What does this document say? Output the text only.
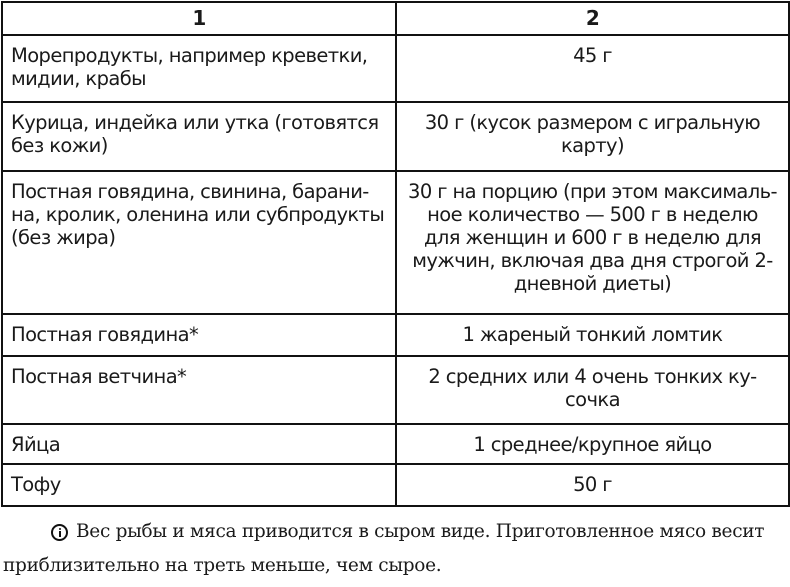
1	2
Морепродукты, например креветки, мидии, крабы	45 г
Курица, индейка или утка (готовятся без кожи)	30 г (кусок размером с игральную карту)
Постная говядина, свинина, барани-на, кролик, оленина или субпродукты (без жира)	30 г на порцию (при этом максималь-ное количество — 500 г в неделю для женщин и 600 г в неделю для мужчин, включая два дня строгой 2-дневной диеты)
Постная говядина*	1 жареный тонкий ломтик
Постная ветчина*	2 средних или 4 очень тонких ку-сочка
Яйца	1 среднее/крупное яйцо
Тофу	50 г
Вес рыбы и мяса приводится в сыром виде. Приготовленное мясо весит
приблизительно на треть меньше, чем сырое.
